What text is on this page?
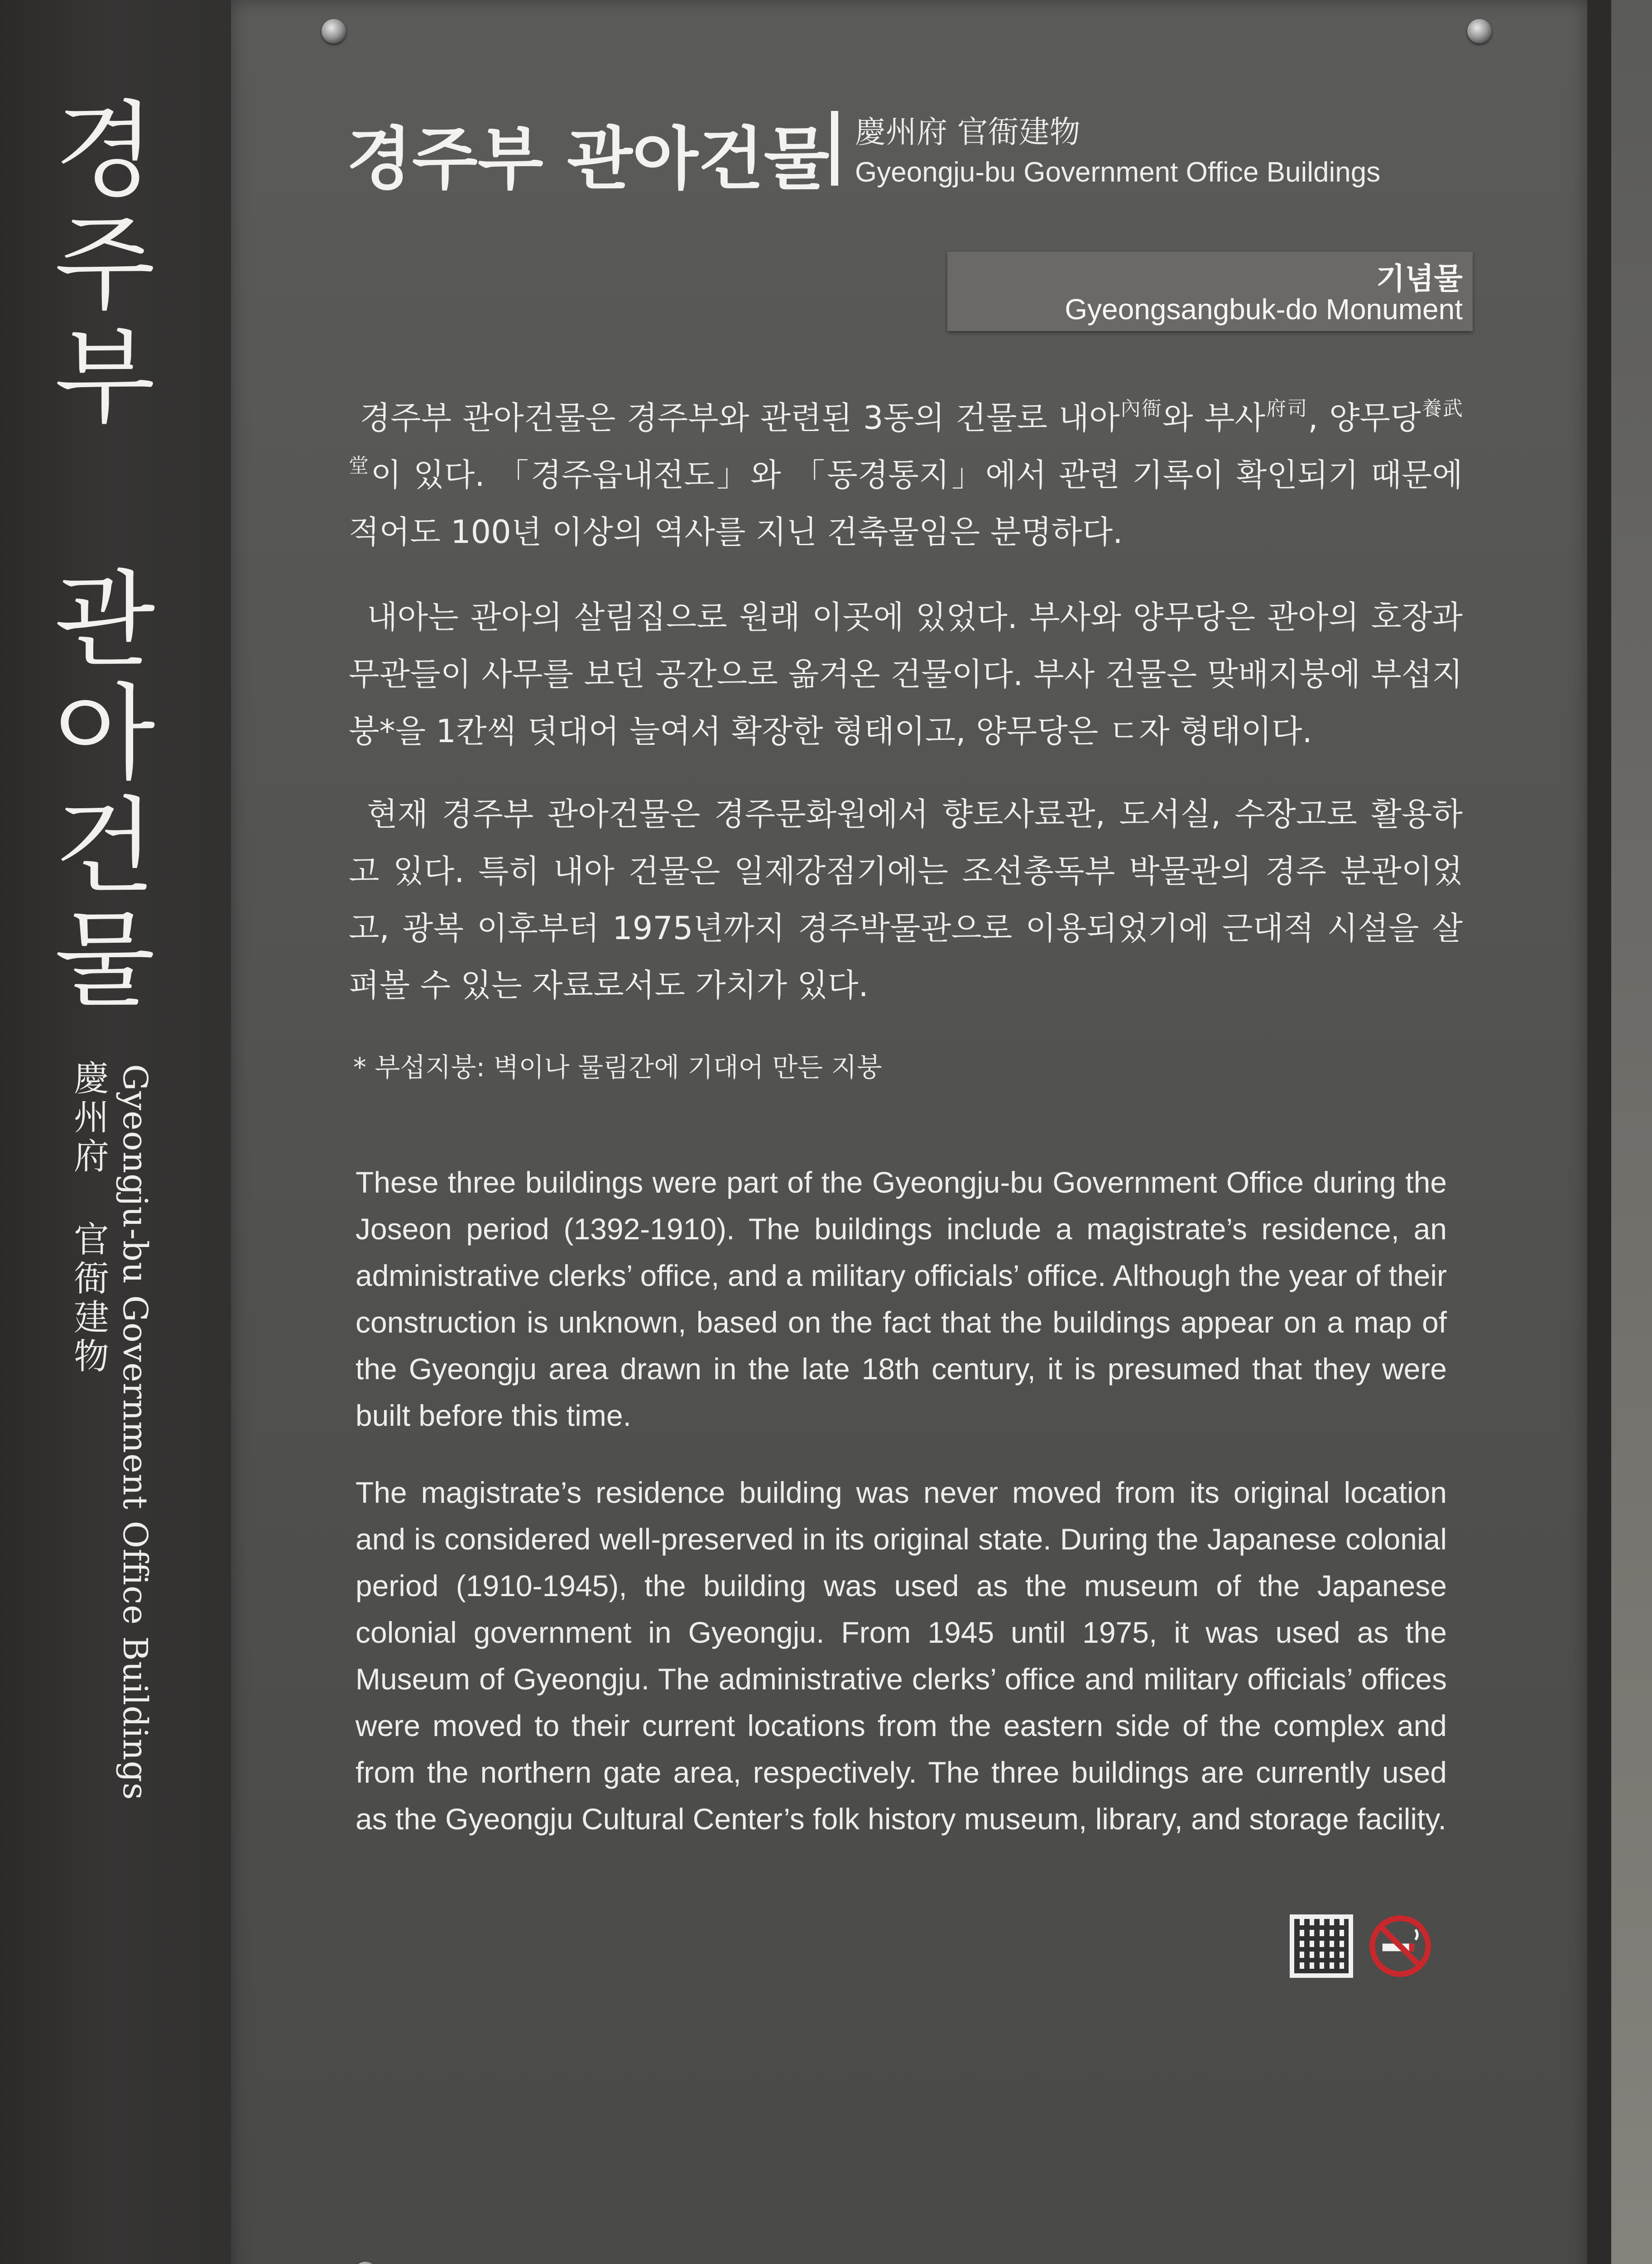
경주부 관아건물
慶州府 官衙建物 Gyeongju-bu Government Office Buildings
경주부 관아건물 慶州府 官衙建物
Gyeongju-bu Government Office Buildings
기념물
Gyeongsangbuk-do Monument

경주부 관아건물은 경주부와 관련된 3동의 건물로 내아$^{內衙}$와 부사$^{府司}$, 양무당$^{養武堂}$이 있다. 「경주읍내전도」와 「동경통지」에서 관련 기록이 확인되기 때문에 적어도 100년 이상의 역사를 지닌 건축물임은 분명하다.

내아는 관아의 살림집으로 원래 이곳에 있었다. 부사와 양무당은 관아의 호장과 무관들이 사무를 보던 공간으로 옮겨온 건물이다. 부사 건물은 맞배지붕에 부섭지붕*을 1칸씩 덧대어 늘여서 확장한 형태이고, 양무당은 ㄷ자 형태이다.

현재 경주부 관아건물은 경주문화원에서 향토사료관, 도서실, 수장고로 활용하고 있다. 특히 내아 건물은 일제강점기에는 조선총독부 박물관의 경주 분관이었고, 광복 이후부터 1975년까지 경주박물관으로 이용되었기에 근대적 시설을 살펴볼 수 있는 자료로서도 가치가 있다.

* 부섭지붕: 벽이나 물림간에 기대어 만든 지붕

These three buildings were part of the Gyeongju-bu Government Office during the Joseon period (1392-1910). The buildings include a magistrate’s residence, an administrative clerks’ office, and a military officials’ office. Although the year of their construction is unknown, based on the fact that the buildings appear on a map of the Gyeongju area drawn in the late 18th century, it is presumed that they were built before this time.

The magistrate’s residence building was never moved from its original location and is considered well-preserved in its original state. During the Japanese colonial period (1910-1945), the building was used as the museum of the Japanese colonial government in Gyeongju. From 1945 until 1975, it was used as the Museum of Gyeongju. The administrative clerks’ office and military officials’ offices were moved to their current locations from the eastern side of the complex and from the northern gate area, respectively. The three buildings are currently used as the Gyeongju Cultural Center’s folk history museum, library, and storage facility.
